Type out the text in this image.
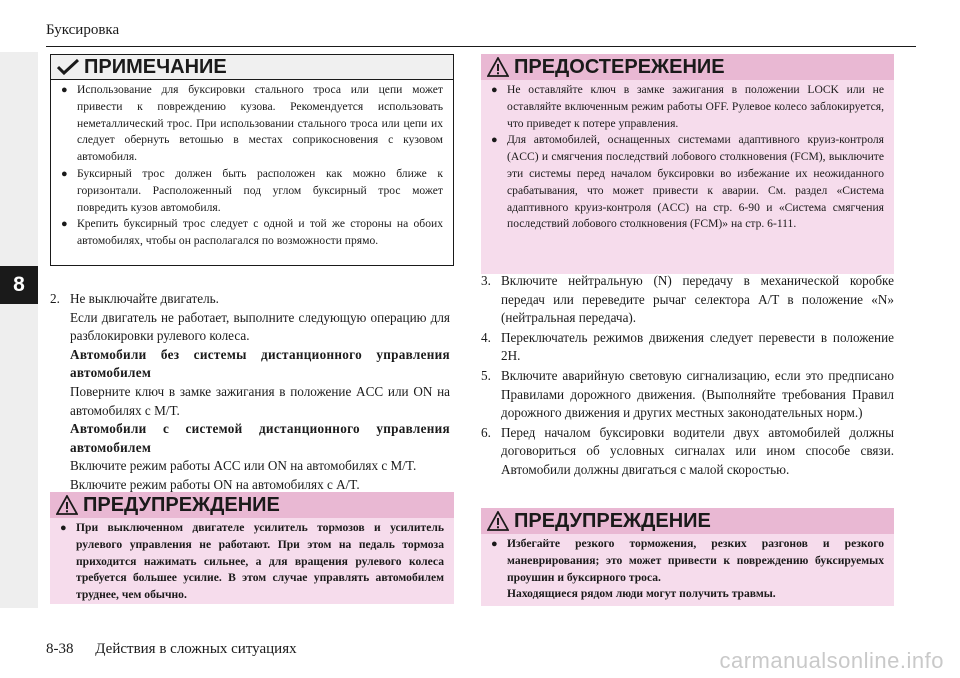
8
Буксировка
ПРИМЕЧАНИЕ
● Использование для буксировки стального троса или цепи может привести к повреждению кузова. Рекомендуется использовать неметаллический трос. При использовании стального троса или цепи их следует обернуть ветошью в местах соприкосновения с кузовом автомобиля.
● Буксирный трос должен быть расположен как можно ближе к горизонтали. Расположенный под углом буксирный трос может повредить кузов автомобиля.
● Крепить буксирный трос следует с одной и той же стороны на обоих автомобилях, чтобы он располагался по возможности прямо.
2. Не выключайте двигатель.
Если двигатель не работает, выполните следующую операцию для разблокировки рулевого колеса.
Автомобили без системы дистанционного управления автомобилем
Поверните ключ в замке зажигания в положение ACC или ON на автомобилях с M/T.
Автомобили с системой дистанционного управления автомобилем
Включите режим работы ACC или ON на автомобилях с M/T.
Включите режим работы ON на автомобилях с A/T.
ПРЕДУПРЕЖДЕНИЕ
● При выключенном двигателе усилитель тормозов и усилитель рулевого управления не работают. При этом на педаль тормоза приходится нажимать сильнее, а для вращения рулевого колеса требуется большее усилие. В этом случае управлять автомобилем труднее, чем обычно.
ПРЕДОСТЕРЕЖЕНИЕ
● Не оставляйте ключ в замке зажигания в положении LOCK или не оставляйте включенным режим работы OFF. Рулевое колесо заблокируется, что приведет к потере управления.
● Для автомобилей, оснащенных системами адаптивного круиз-контроля (ACC) и смягчения последствий лобового столкновения (FCM), выключите эти системы перед началом буксировки во избежание их неожиданного срабатывания, что может привести к аварии. См. раздел «Система адаптивного круиз-контроля (ACC) на стр. 6-90 и «Система смягчения последствий лобового столкновения (FCM)» на стр. 6-111.
3. Включите нейтральную (N) передачу в механической коробке передач или переведите рычаг селектора A/T в положение «N» (нейтральная передача).
4. Переключатель режимов движения следует перевести в положение 2H.
5. Включите аварийную световую сигнализацию, если это предписано Правилами дорожного движения. (Выполняйте требования Правил дорожного движения и других местных законодательных норм.)
6. Перед началом буксировки водители двух автомобилей должны договориться об условных сигналах или ином способе связи. Автомобили должны двигаться с малой скоростью.
ПРЕДУПРЕЖДЕНИЕ
● Избегайте резкого торможения, резких разгонов и резкого маневрирования; это может привести к повреждению буксируемых проушин и буксирного троса.
Находящиеся рядом люди могут получить травмы.
8-38 Действия в сложных ситуациях	carmanualsonline.info
